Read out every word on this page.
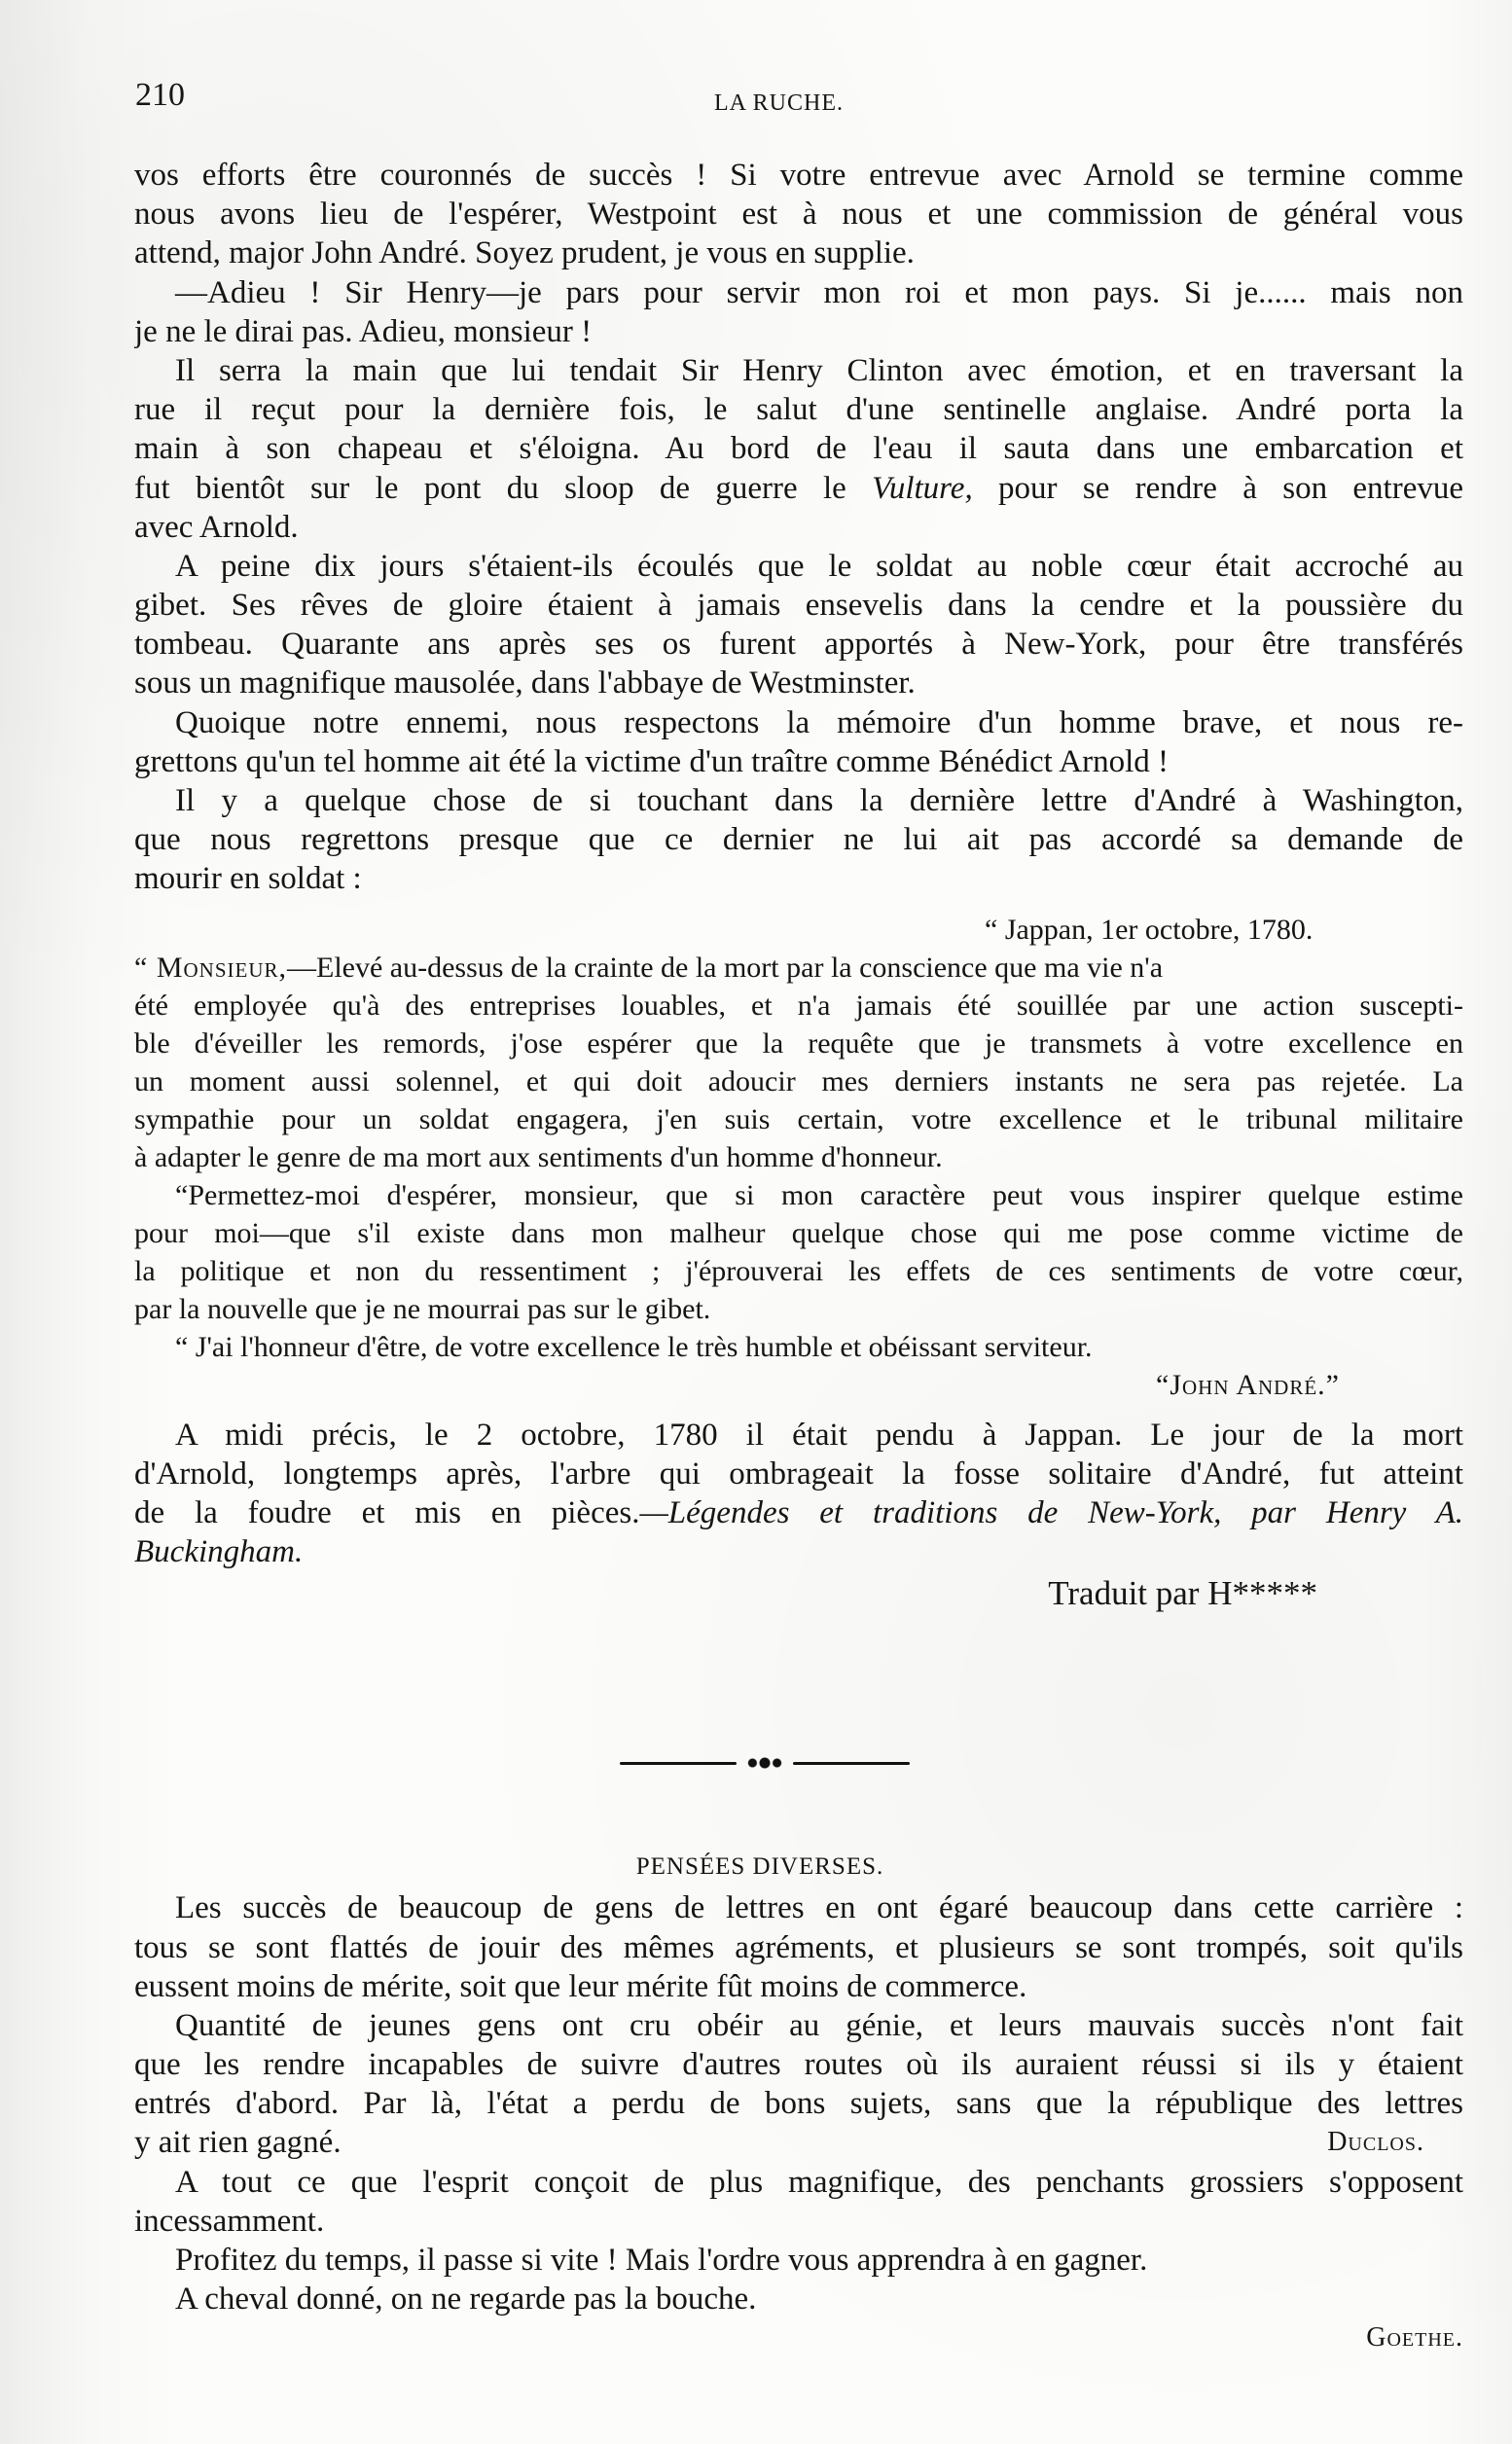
210	LA RUCHE.
vos efforts être couronnés de succès ! Si votre entrevue avec Arnold se termine comme
nous avons lieu de l'espérer, Westpoint est à nous et une commission de général vous
attend, major John André. Soyez prudent, je vous en supplie.
—Adieu ! Sir Henry—je pars pour servir mon roi et mon pays. Si je...... mais non
je ne le dirai pas. Adieu, monsieur !
Il serra la main que lui tendait Sir Henry Clinton avec émotion, et en traversant la
rue il reçut pour la dernière fois, le salut d'une sentinelle anglaise. André porta la
main à son chapeau et s'éloigna. Au bord de l'eau il sauta dans une embarcation et
fut bientôt sur le pont du sloop de guerre le Vulture, pour se rendre à son entrevue
avec Arnold.
A peine dix jours s'étaient-ils écoulés que le soldat au noble cœur était accroché au
gibet. Ses rêves de gloire étaient à jamais ensevelis dans la cendre et la poussière du
tombeau. Quarante ans après ses os furent apportés à New-York, pour être transférés
sous un magnifique mausolée, dans l'abbaye de Westminster.
Quoique notre ennemi, nous respectons la mémoire d'un homme brave, et nous re-
grettons qu'un tel homme ait été la victime d'un traître comme Bénédict Arnold !
Il y a quelque chose de si touchant dans la dernière lettre d'André à Washington,
que nous regrettons presque que ce dernier ne lui ait pas accordé sa demande de
mourir en soldat :
“ Jappan, 1er octobre, 1780.
“ Monsieur,—Elevé au-dessus de la crainte de la mort par la conscience que ma vie n'a
été employée qu'à des entreprises louables, et n'a jamais été souillée par une action suscepti-
ble d'éveiller les remords, j'ose espérer que la requête que je transmets à votre excellence en
un moment aussi solennel, et qui doit adoucir mes derniers instants ne sera pas rejetée. La
sympathie pour un soldat engagera, j'en suis certain, votre excellence et le tribunal militaire
à adapter le genre de ma mort aux sentiments d'un homme d'honneur.
“Permettez-moi d'espérer, monsieur, que si mon caractère peut vous inspirer quelque estime
pour moi—que s'il existe dans mon malheur quelque chose qui me pose comme victime de
la politique et non du ressentiment ; j'éprouverai les effets de ces sentiments de votre cœur,
par la nouvelle que je ne mourrai pas sur le gibet.
“ J'ai l'honneur d'être, de votre excellence le très humble et obéissant serviteur.
“John André.”
A midi précis, le 2 octobre, 1780 il était pendu à Jappan. Le jour de la mort
d'Arnold, longtemps après, l'arbre qui ombrageait la fosse solitaire d'André, fut atteint
de la foudre et mis en pièces.—Légendes et traditions de New-York, par Henry A.
Buckingham.
Traduit par H*****
PENSÉES DIVERSES.
Les succès de beaucoup de gens de lettres en ont égaré beaucoup dans cette carrière :
tous se sont flattés de jouir des mêmes agréments, et plusieurs se sont trompés, soit qu'ils
eussent moins de mérite, soit que leur mérite fût moins de commerce.
Quantité de jeunes gens ont cru obéir au génie, et leurs mauvais succès n'ont fait
que les rendre incapables de suivre d'autres routes où ils auraient réussi si ils y étaient
entrés d'abord. Par là, l'état a perdu de bons sujets, sans que la république des lettres
y ait rien gagné.	Duclos.
A tout ce que l'esprit conçoit de plus magnifique, des penchants grossiers s'opposent
incessamment.
Profitez du temps, il passe si vite ! Mais l'ordre vous apprendra à en gagner.
A cheval donné, on ne regarde pas la bouche.
Goethe.
